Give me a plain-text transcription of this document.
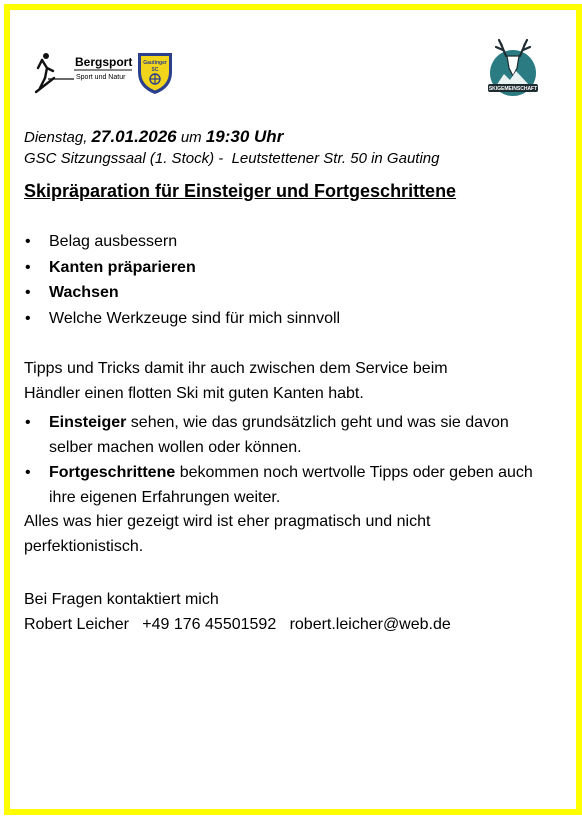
Bergsport
Sport und Natur
Gautinger
SC
SKIGEMEINSCHAFT
Dienstag, 27.01.2026 um 19:30 Uhr
GSC Sitzungssaal (1. Stock) -  Leutstettener Str. 50 in Gauting
Skipräparation für Einsteiger und Fortgeschrittene
• Belag ausbessern
• Kanten präparieren
• Wachsen
• Welche Werkzeuge sind für mich sinnvoll
Tipps und Tricks damit ihr auch zwischen dem Service beim Händler einen flotten Ski mit guten Kanten habt.
• Einsteiger sehen, wie das grundsätzlich geht und was sie davon selber machen wollen oder können.
• Fortgeschrittene bekommen noch wertvolle Tipps oder geben auch ihre eigenen Erfahrungen weiter.
Alles was hier gezeigt wird ist eher pragmatisch und nicht perfektionistisch.
Bei Fragen kontaktiert mich
Robert Leicher +49 176 45501592 robert.leicher@web.de
